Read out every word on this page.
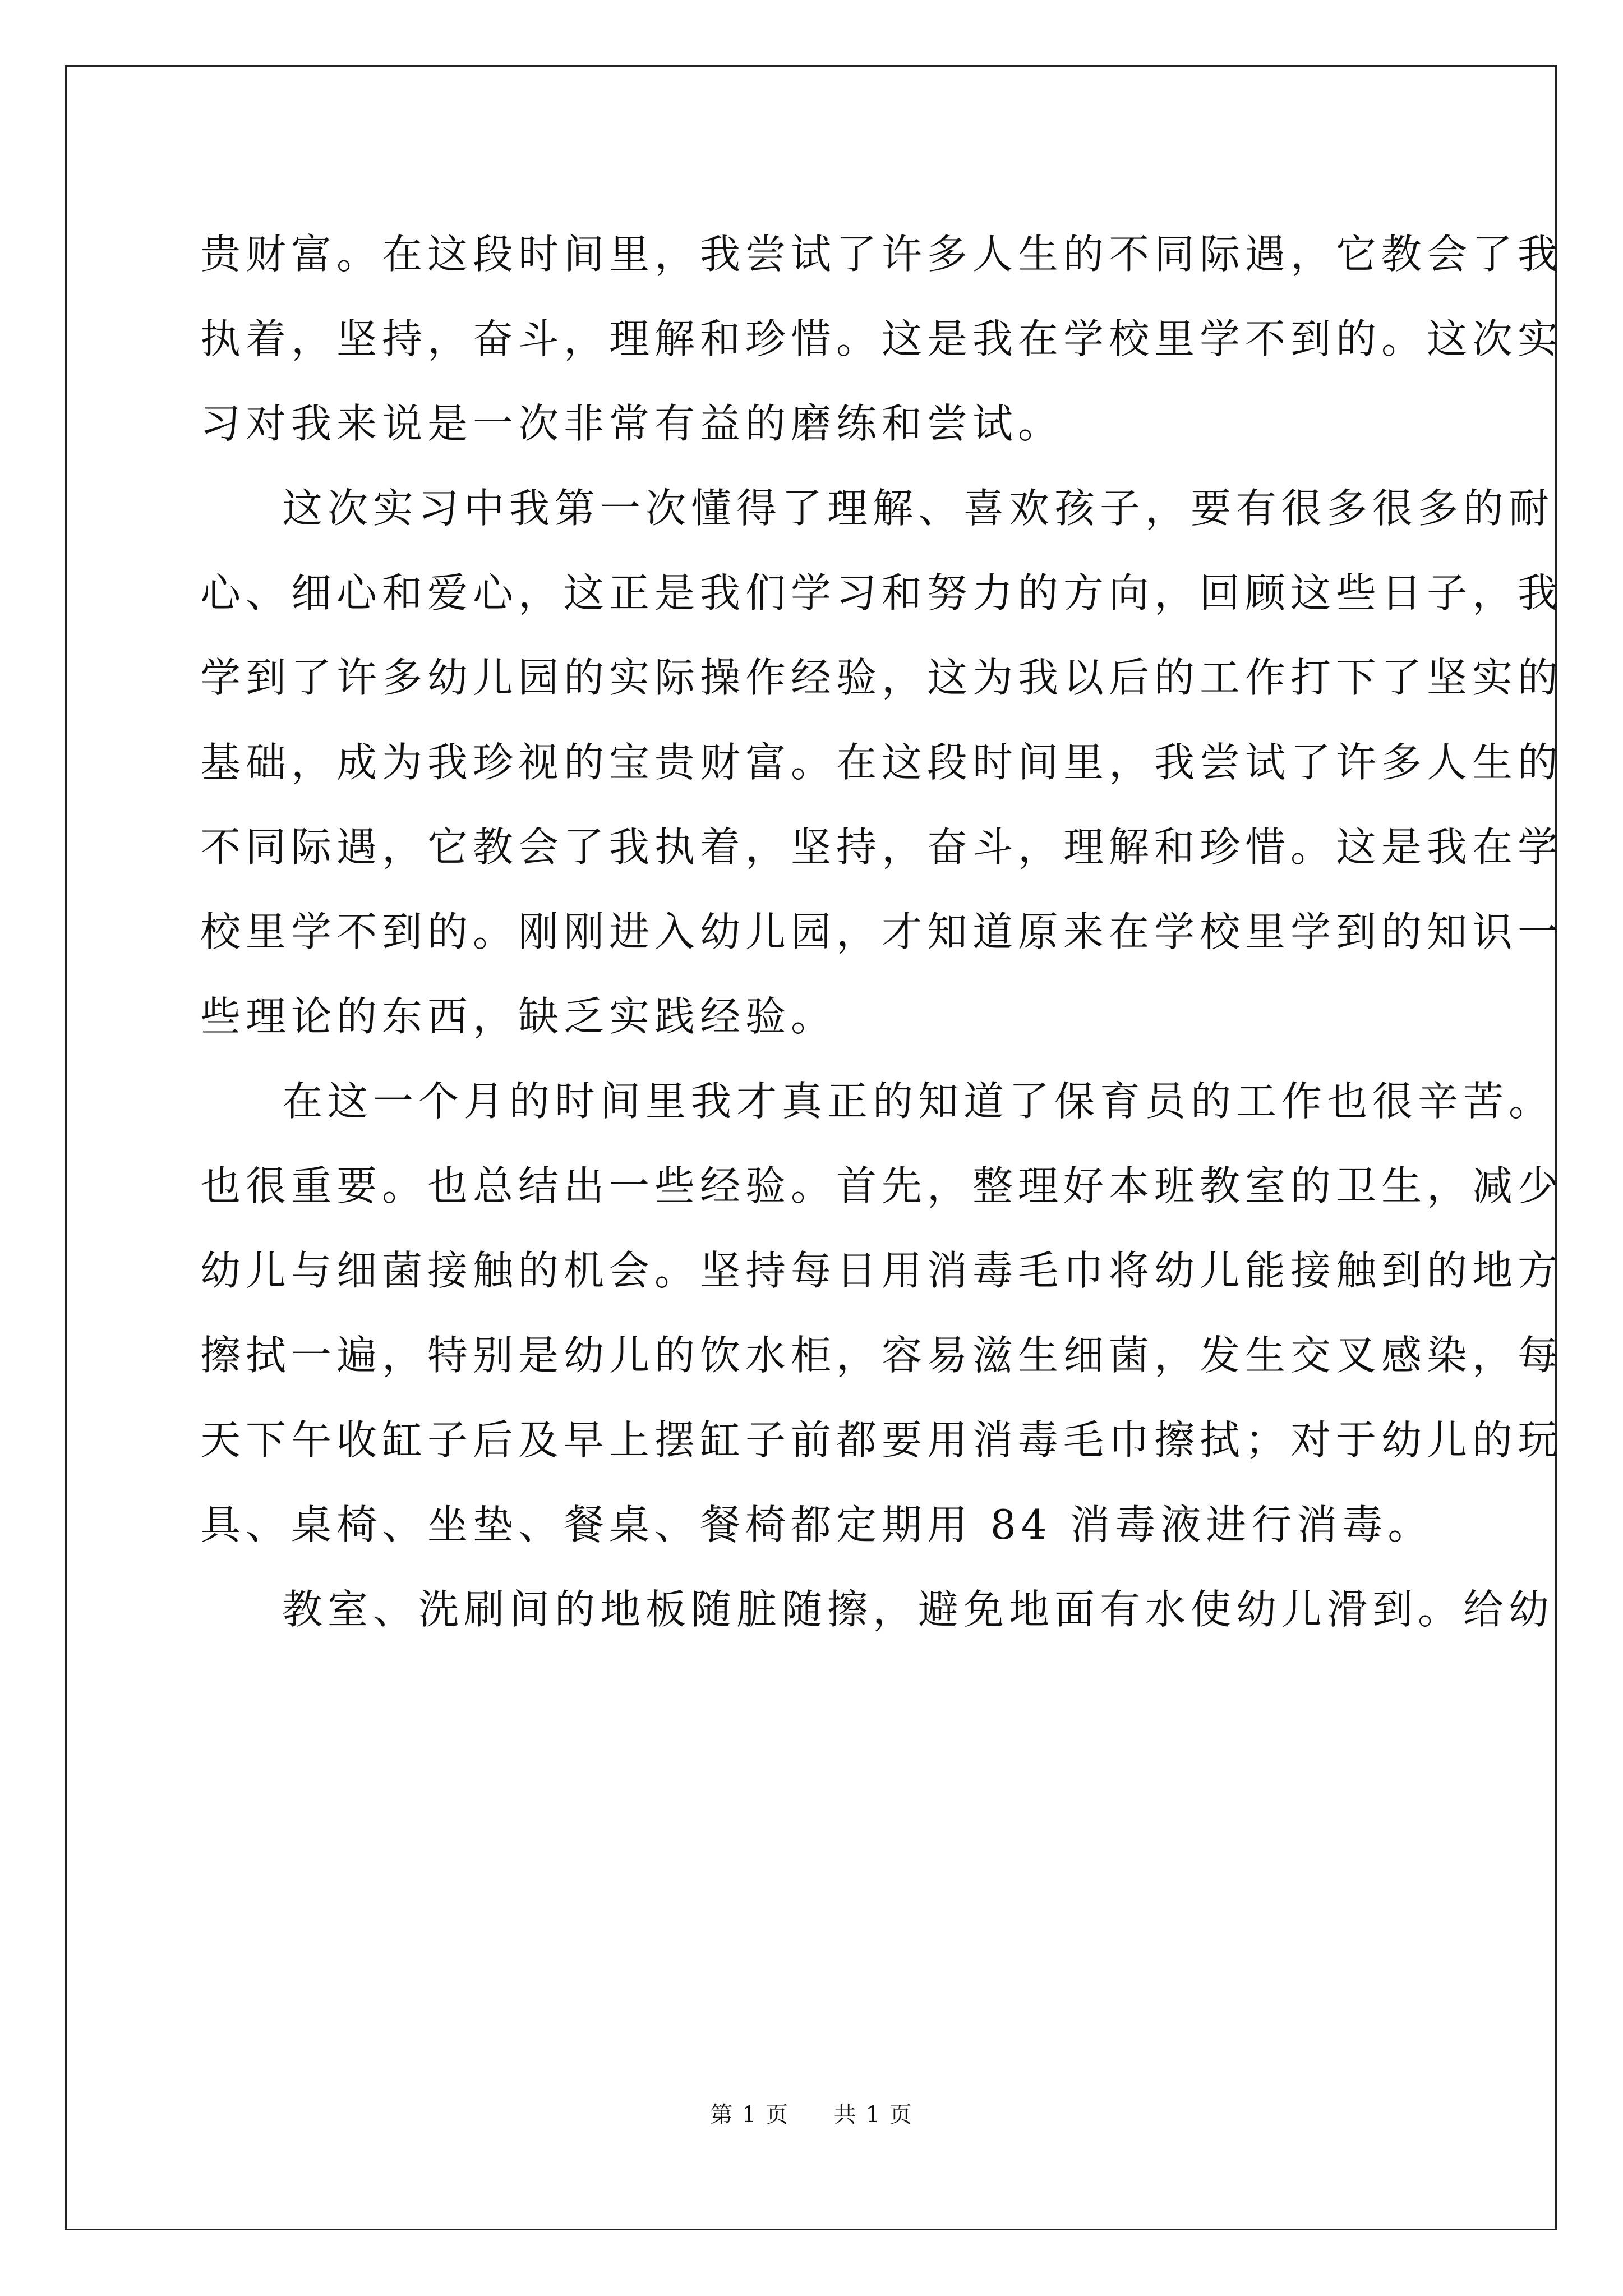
贵财富。在这段时间里，我尝试了许多人生的不同际遇，它教会了我
执着，坚持，奋斗，理解和珍惜。这是我在学校里学不到的。这次实
习对我来说是一次非常有益的磨练和尝试。
这次实习中我第一次懂得了理解、喜欢孩子，要有很多很多的耐
心、细心和爱心，这正是我们学习和努力的方向，回顾这些日子，我
学到了许多幼儿园的实际操作经验，这为我以后的工作打下了坚实的
基础，成为我珍视的宝贵财富。在这段时间里，我尝试了许多人生的
不同际遇，它教会了我执着，坚持，奋斗，理解和珍惜。这是我在学
校里学不到的。刚刚进入幼儿园，才知道原来在学校里学到的知识一
些理论的东西，缺乏实践经验。
在这一个月的时间里我才真正的知道了保育员的工作也很辛苦。
也很重要。也总结出一些经验。首先，整理好本班教室的卫生，减少
幼儿与细菌接触的机会。坚持每日用消毒毛巾将幼儿能接触到的地方
擦拭一遍，特别是幼儿的饮水柜，容易滋生细菌，发生交叉感染，每
天下午收缸子后及早上摆缸子前都要用消毒毛巾擦拭；对于幼儿的玩
具、桌椅、坐垫、餐桌、餐椅都定期用 84 消毒液进行消毒。
教室、洗刷间的地板随脏随擦，避免地面有水使幼儿滑到。给幼
第 1 页 共 1 页
